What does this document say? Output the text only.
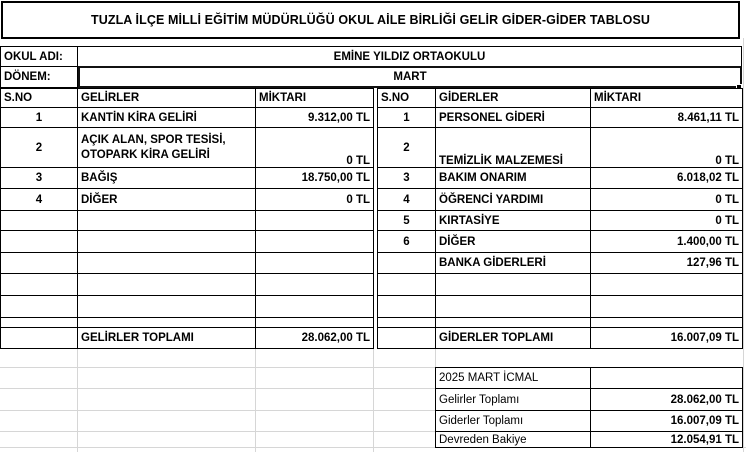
TUZLA İLÇE MİLLİ EĞİTİM MÜDÜRLÜĞÜ OKUL AİLE BİRLİĞİ GELİR GİDER-GİDER TABLOSU
OKUL ADI:	EMİNE YILDIZ ORTAOKULU
DÖNEM:	MART
S.NO	GELİRLER	MİKTARI
1	KANTİN KİRA GELİRİ	9.312,00 TL
2	AÇIK ALAN, SPOR TESİSİ,
OTOPARK KİRA GELİRİ	0 TL
3	BAĞIŞ	18.750,00 TL
4	DİĞER	0 TL

	GELİRLER TOPLAMI	28.062,00 TL
S.NO	GİDERLER	MİKTARI
1	PERSONEL GİDERİ	8.461,11 TL
2	TEMİZLİK MALZEMESİ	0 TL
3	BAKIM ONARIM	6.018,02 TL
4	ÖĞRENCİ YARDIMI	0 TL
5	KIRTASİYE	0 TL
6	DİĞER	1.400,00 TL
	BANKA GİDERLERİ	127,96 TL

	GİDERLER TOPLAMI	16.007,09 TL
2025 MART İCMAL	
Gelirler Toplamı	28.062,00 TL
Giderler Toplamı	16.007,09 TL
Devreden Bakiye	12.054,91 TL
